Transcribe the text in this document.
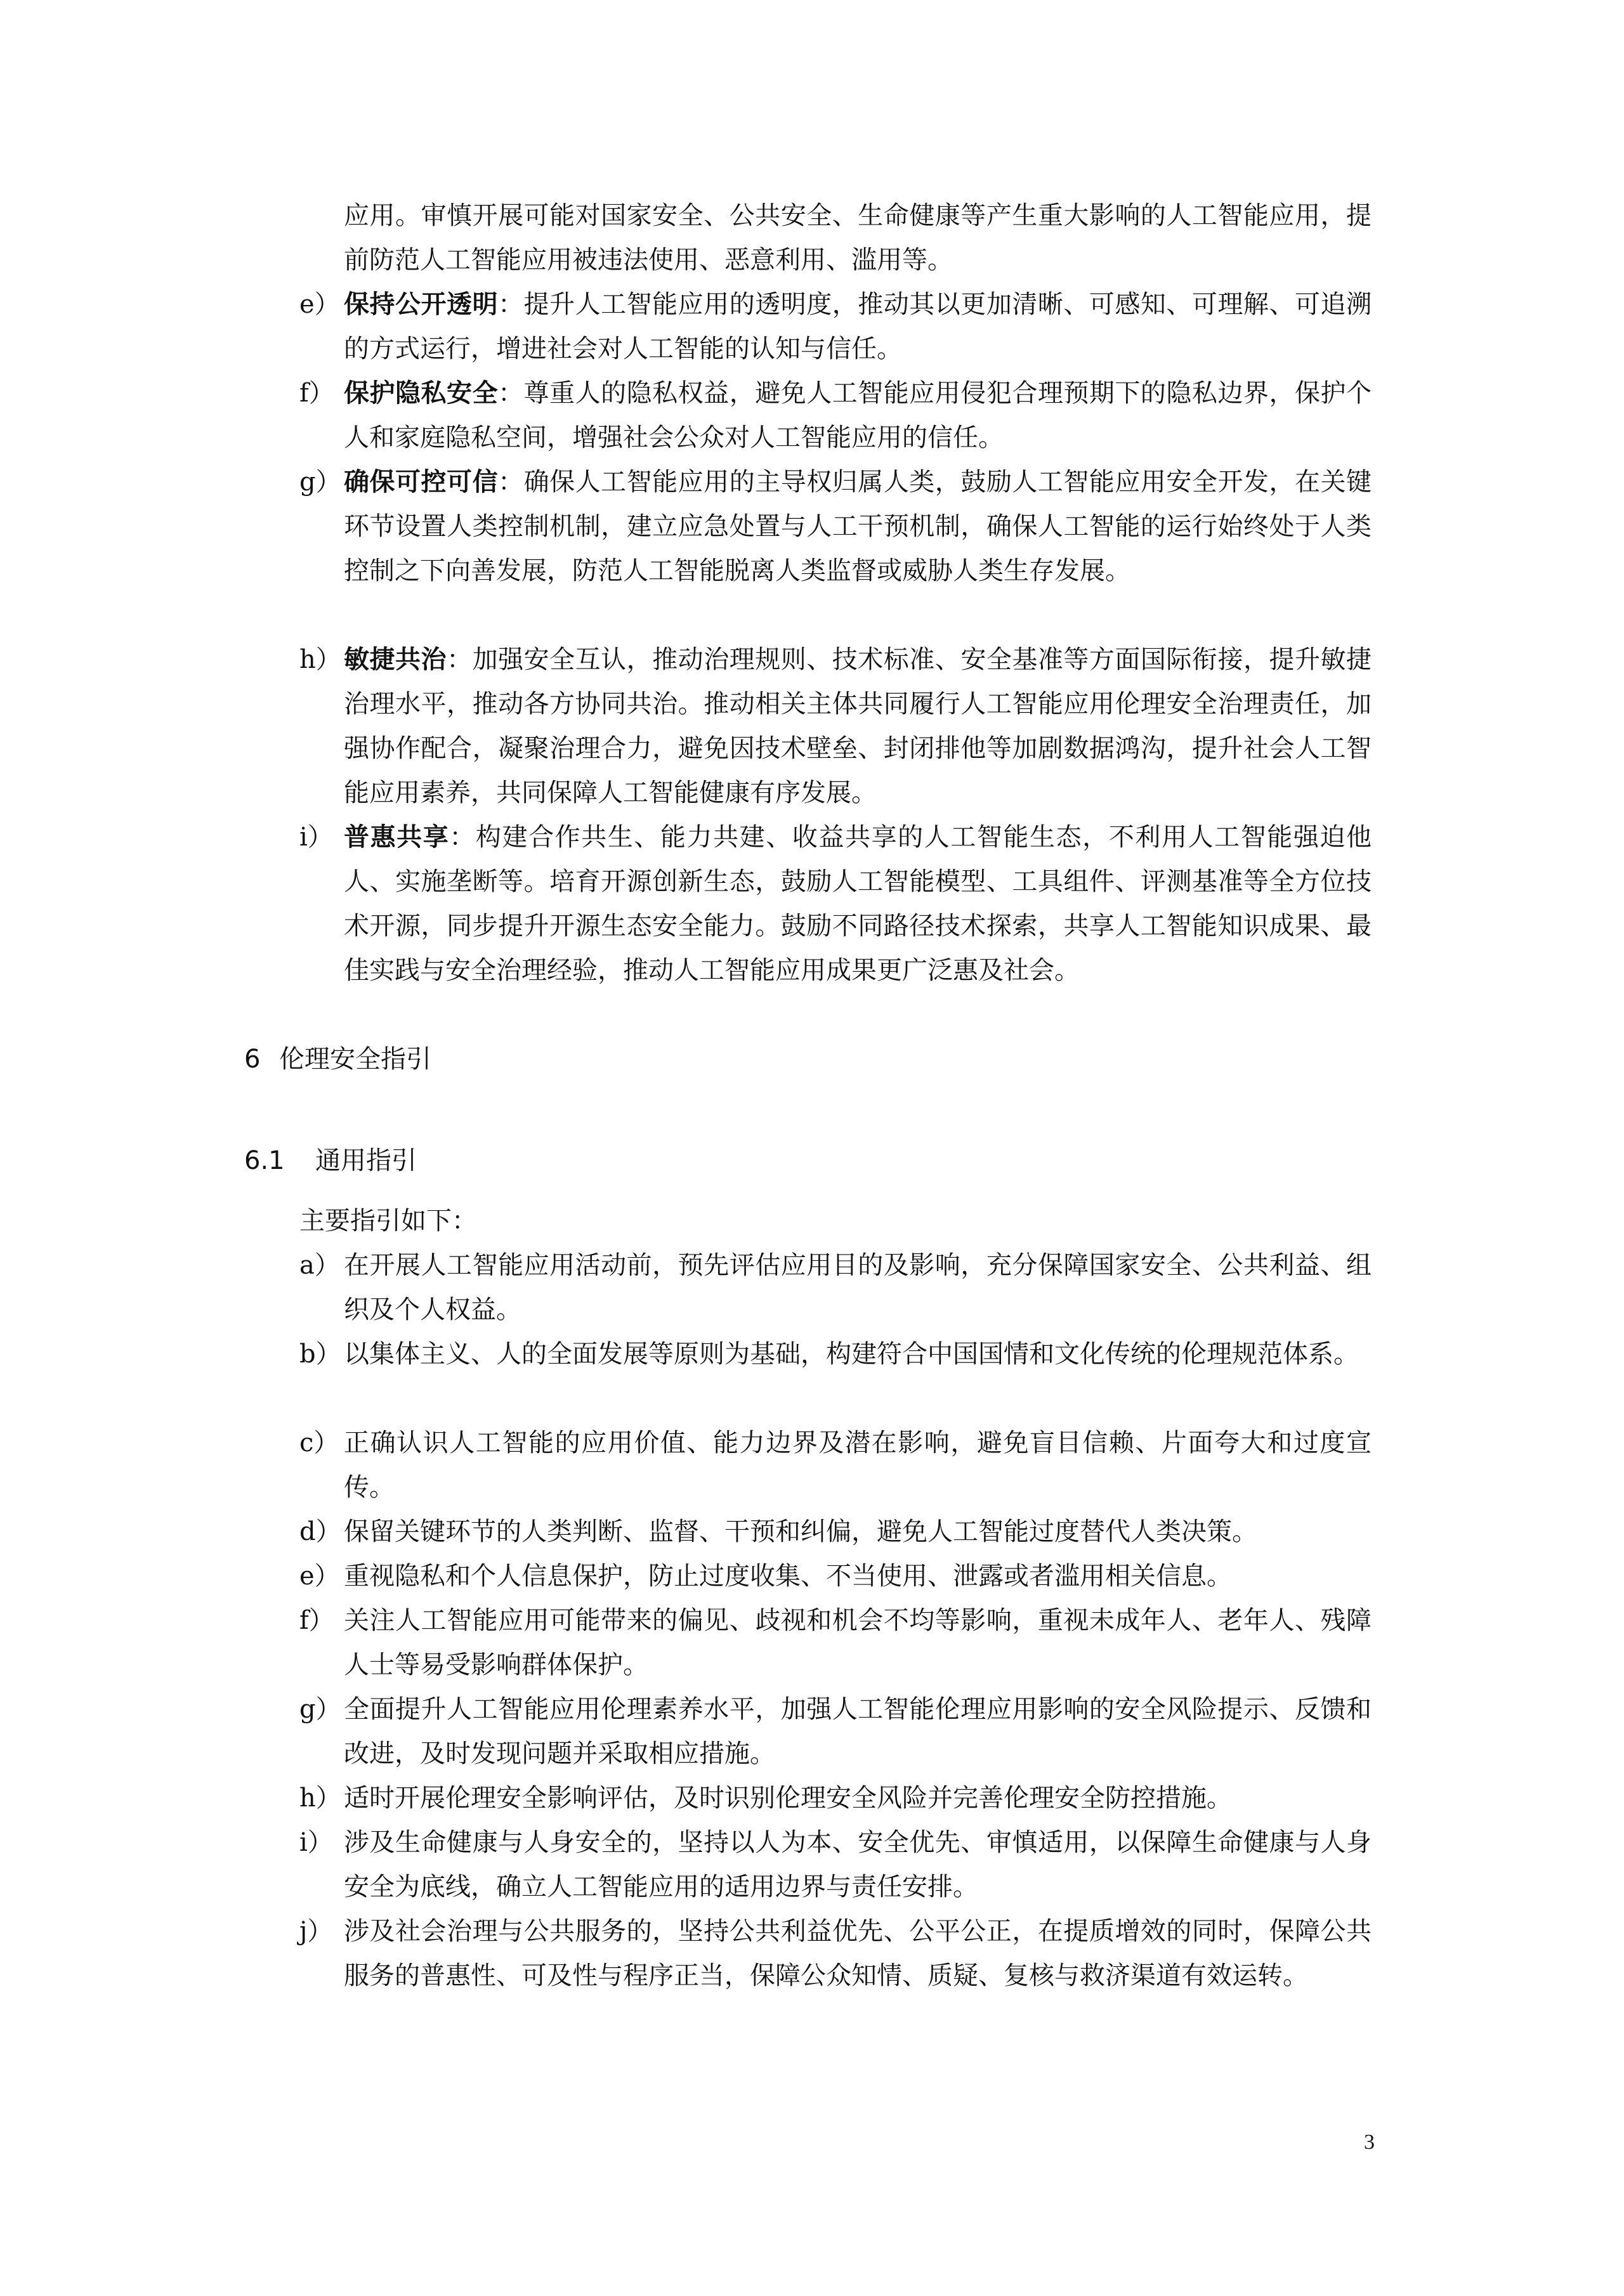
应用。审慎开展可能对国家安全、公共安全、生命健康等产生重大影响的人工智能应用，提前防范人工智能应用被违法使用、恶意利用、滥用等。
e） 保持公开透明：提升人工智能应用的透明度，推动其以更加清晰、可感知、可理解、可追溯的方式运行，增进社会对人工智能的认知与信任。
f） 保护隐私安全：尊重人的隐私权益，避免人工智能应用侵犯合理预期下的隐私边界，保护个人和家庭隐私空间，增强社会公众对人工智能应用的信任。
g） 确保可控可信：确保人工智能应用的主导权归属人类，鼓励人工智能应用安全开发，在关键环节设置人类控制机制，建立应急处置与人工干预机制，确保人工智能的运行始终处于人类控制之下向善发展，防范人工智能脱离人类监督或威胁人类生存发展。
h） 敏捷共治：加强安全互认，推动治理规则、技术标准、安全基准等方面国际衔接，提升敏捷治理水平，推动各方协同共治。推动相关主体共同履行人工智能应用伦理安全治理责任，加强协作配合，凝聚治理合力，避免因技术壁垒、封闭排他等加剧数据鸿沟，提升社会人工智能应用素养，共同保障人工智能健康有序发展。
i） 普惠共享：构建合作共生、能力共建、收益共享的人工智能生态，不利用人工智能强迫他人、实施垄断等。培育开源创新生态，鼓励人工智能模型、工具组件、评测基准等全方位技术开源，同步提升开源生态安全能力。鼓励不同路径技术探索，共享人工智能知识成果、最佳实践与安全治理经验，推动人工智能应用成果更广泛惠及社会。
6 伦理安全指引
6.1 通用指引
主要指引如下：
a） 在开展人工智能应用活动前，预先评估应用目的及影响，充分保障国家安全、公共利益、组织及个人权益。
b） 以集体主义、人的全面发展等原则为基础，构建符合中国国情和文化传统的伦理规范体系。
c） 正确认识人工智能的应用价值、能力边界及潜在影响，避免盲目信赖、片面夸大和过度宣传。
d） 保留关键环节的人类判断、监督、干预和纠偏，避免人工智能过度替代人类决策。
e） 重视隐私和个人信息保护，防止过度收集、不当使用、泄露或者滥用相关信息。
f） 关注人工智能应用可能带来的偏见、歧视和机会不均等影响，重视未成年人、老年人、残障人士等易受影响群体保护。
g） 全面提升人工智能应用伦理素养水平，加强人工智能伦理应用影响的安全风险提示、反馈和改进，及时发现问题并采取相应措施。
h） 适时开展伦理安全影响评估，及时识别伦理安全风险并完善伦理安全防控措施。
i） 涉及生命健康与人身安全的，坚持以人为本、安全优先、审慎适用，以保障生命健康与人身安全为底线，确立人工智能应用的适用边界与责任安排。
j） 涉及社会治理与公共服务的，坚持公共利益优先、公平公正，在提质增效的同时，保障公共服务的普惠性、可及性与程序正当，保障公众知情、质疑、复核与救济渠道有效运转。
3
